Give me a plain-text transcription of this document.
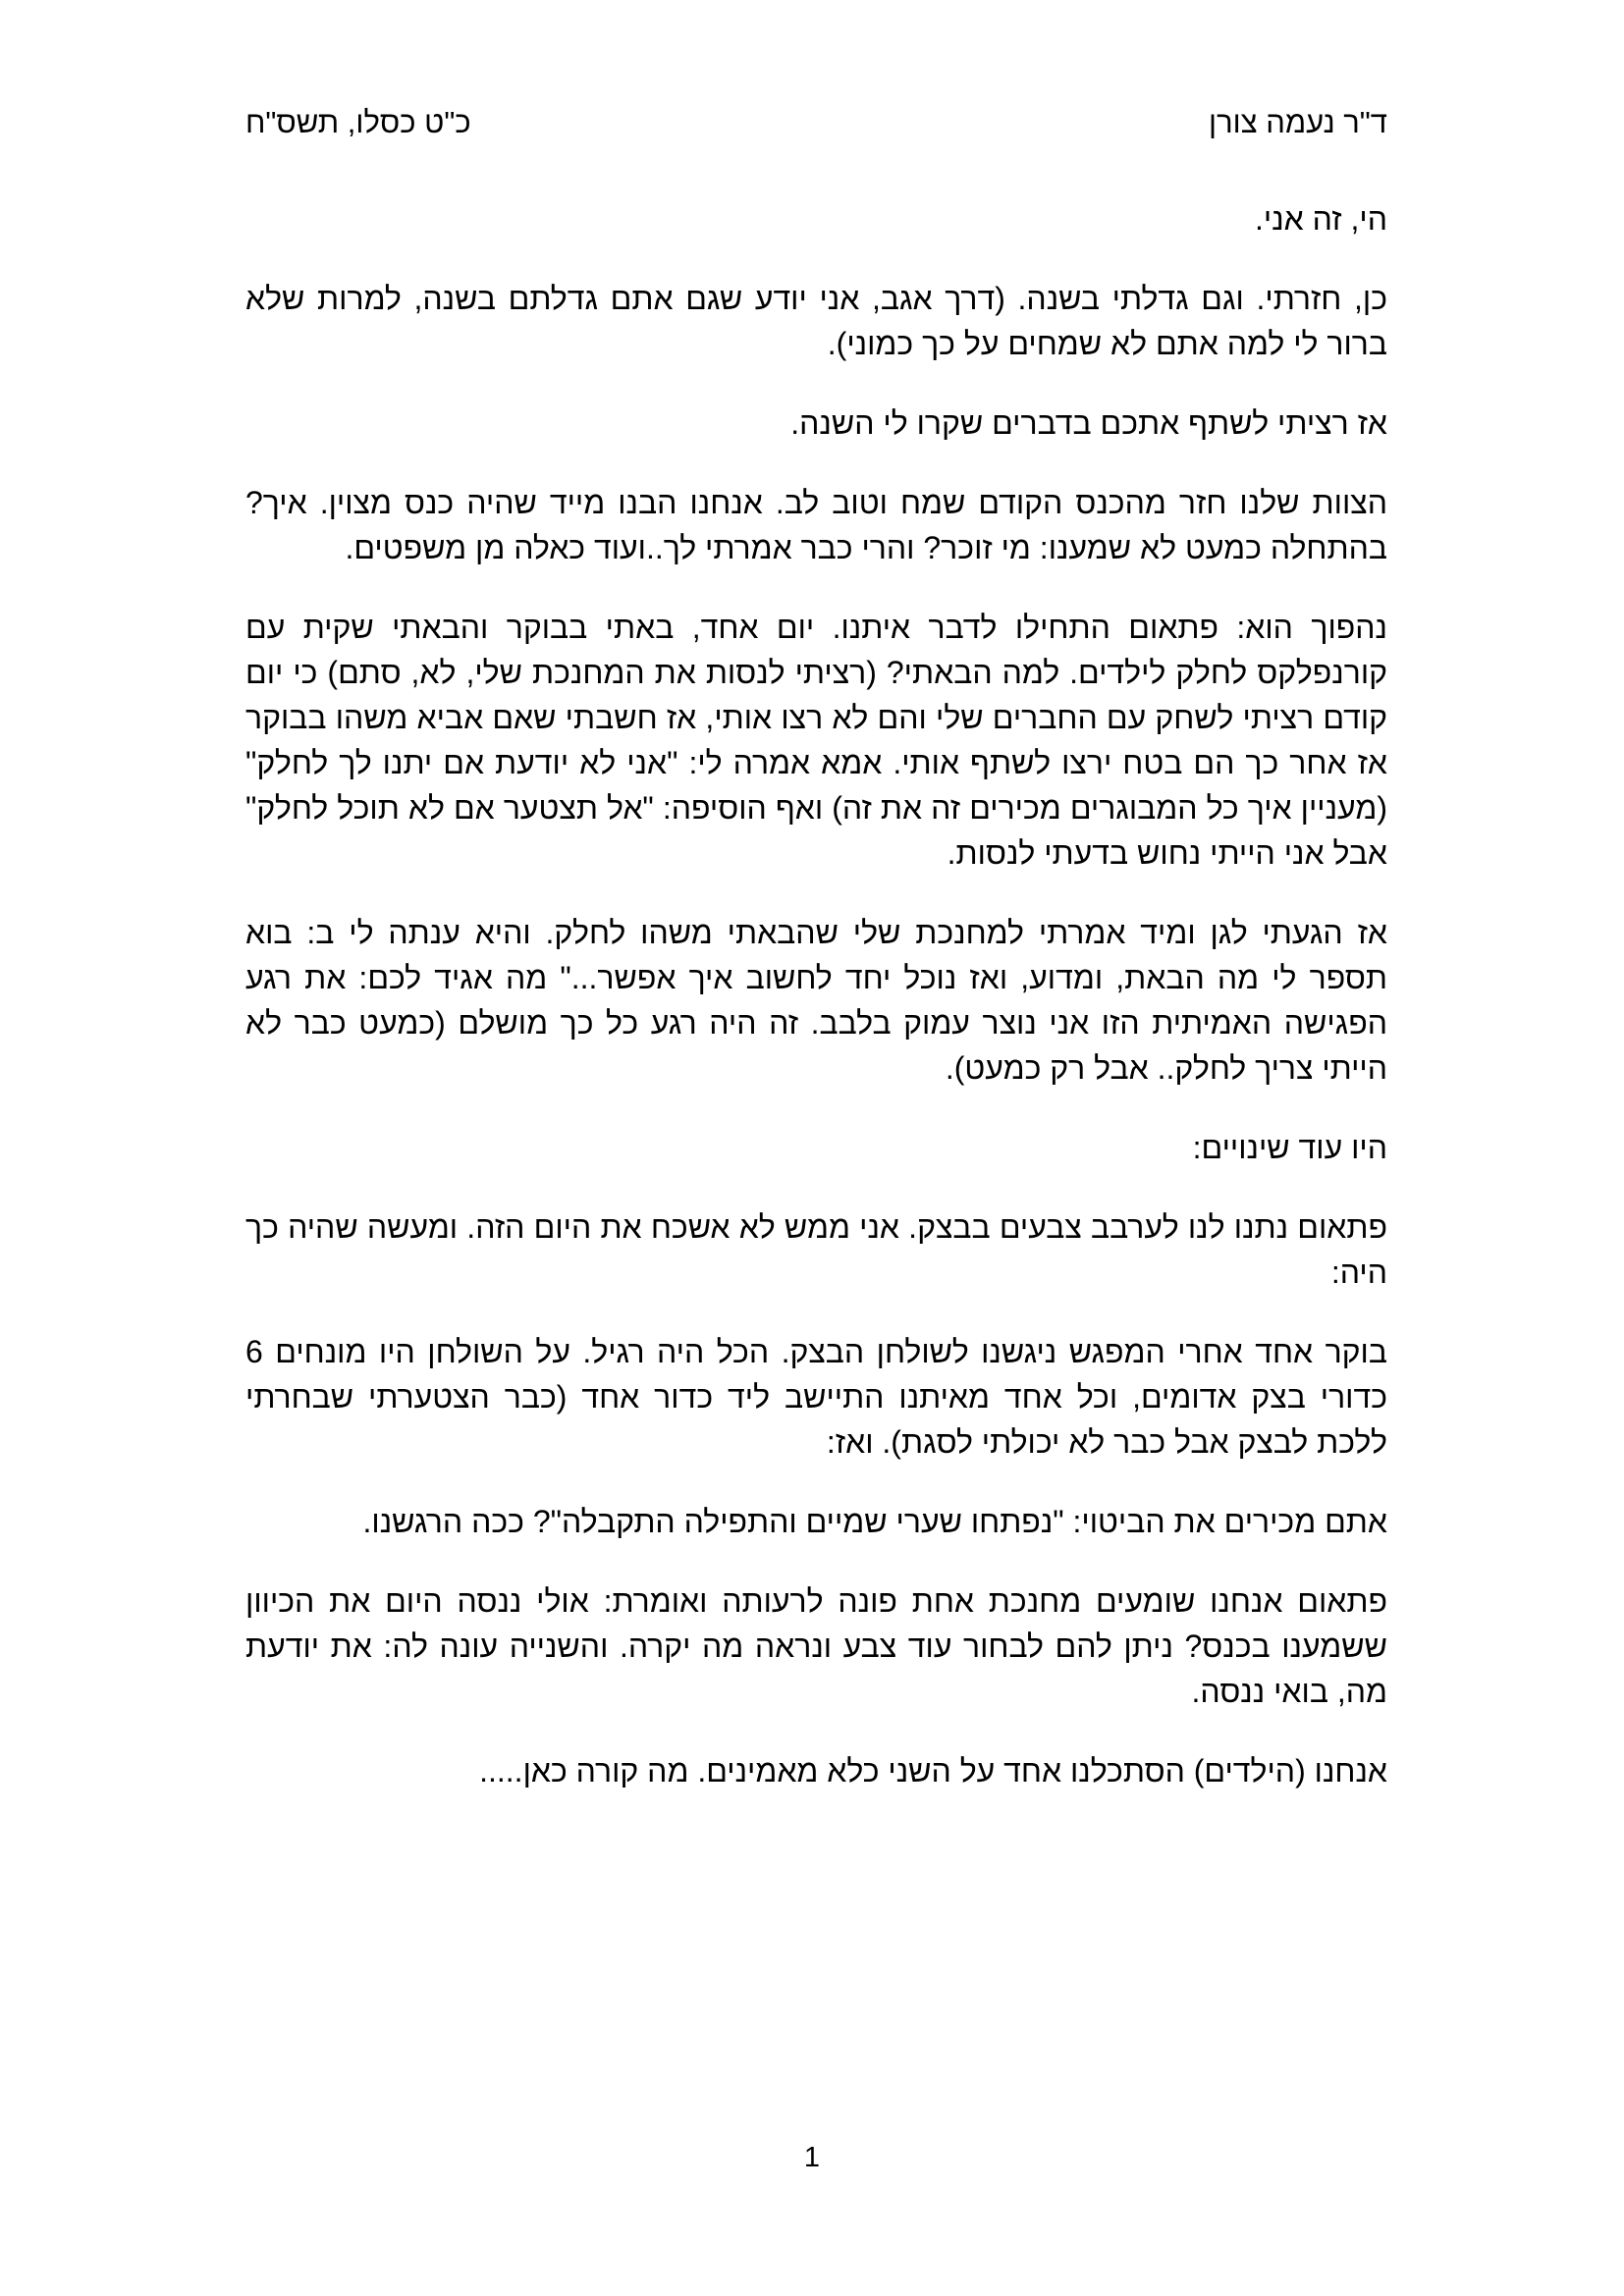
ד"ר נעמה צורן
כ"ט כסלו, תשס"ח

הי, זה אני.

כן, חזרתי. וגם גדלתי בשנה. (דרך אגב, אני יודע שגם אתם גדלתם בשנה, למרות שלא ברור לי למה אתם לא שמחים על כך כמוני).

אז רציתי לשתף אתכם בדברים שקרו לי השנה.

הצוות שלנו חזר מהכנס הקודם שמח וטוב לב. אנחנו הבנו מייד שהיה כנס מצוין. איך? בהתחלה כמעט לא שמענו: מי זוכר? והרי כבר אמרתי לך..ועוד כאלה מן משפטים.

נהפוך הוא: פתאום התחילו לדבר איתנו. יום אחד, באתי בבוקר והבאתי שקית עם קורנפלקס לחלק לילדים. למה הבאתי? (רציתי לנסות את המחנכת שלי, לא, סתם) כי יום קודם רציתי לשחק עם החברים שלי והם לא רצו אותי, אז חשבתי שאם אביא משהו בבוקר אז אחר כך הם בטח ירצו לשתף אותי. אמא אמרה לי: "אני לא יודעת אם יתנו לך לחלק" (מעניין איך כל המבוגרים מכירים זה את זה) ואף הוסיפה: "אל תצטער אם לא תוכל לחלק" אבל אני הייתי נחוש בדעתי לנסות.

אז הגעתי לגן ומיד אמרתי למחנכת שלי שהבאתי משהו לחלק. והיא ענתה לי ב: בוא תספר לי מה הבאת, ומדוע, ואז נוכל יחד לחשוב איך אפשר..." מה אגיד לכם: את רגע הפגישה האמיתית הזו אני נוצר עמוק בלבב. זה היה רגע כל כך מושלם (כמעט כבר לא הייתי צריך לחלק.. אבל רק כמעט).

היו עוד שינויים:

פתאום נתנו לנו לערבב צבעים בבצק. אני ממש לא אשכח את היום הזה. ומעשה שהיה כך היה:

בוקר אחד אחרי המפגש ניגשנו לשולחן הבצק. הכל היה רגיל. על השולחן היו מונחים 6 כדורי בצק אדומים, וכל אחד מאיתנו התיישב ליד כדור אחד (כבר הצטערתי שבחרתי ללכת לבצק אבל כבר לא יכולתי לסגת). ואז:

אתם מכירים את הביטוי: "נפתחו שערי שמיים והתפילה התקבלה"? ככה הרגשנו.

פתאום אנחנו שומעים מחנכת אחת פונה לרעותה ואומרת: אולי ננסה היום את הכיוון ששמענו בכנס? ניתן להם לבחור עוד צבע ונראה מה יקרה. והשנייה עונה לה: את יודעת מה, בואי ננסה.

אנחנו (הילדים) הסתכלנו אחד על השני כלא מאמינים. מה קורה כאן.....

1
